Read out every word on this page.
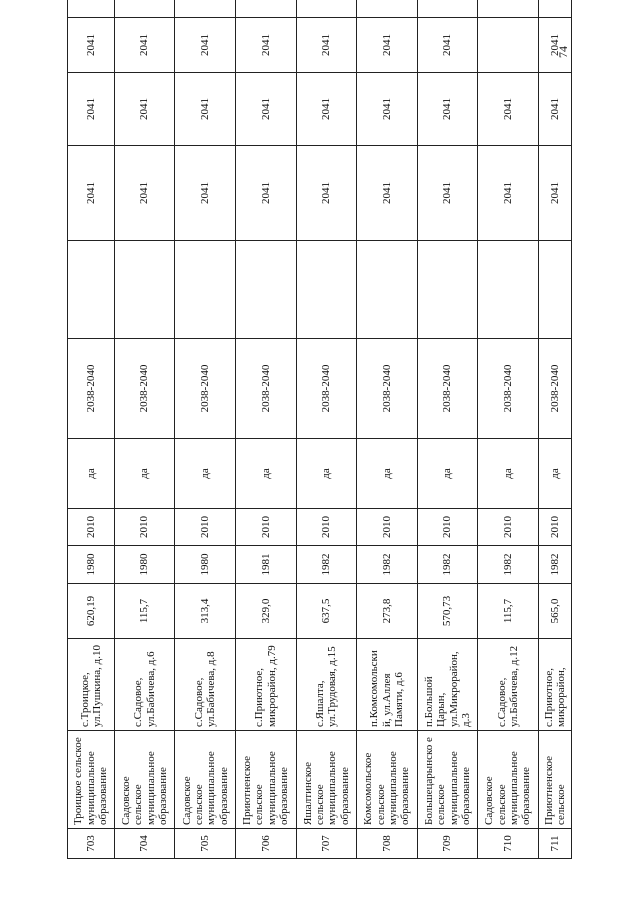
74
703	Троицкое сельское муниципальное образование	с.Троицкое, ул.Пушкина, д.10	620,19	1980	2010	да	2038-2040		2041	2041	2041	
704	Садовское сельское муниципальное образование	с.Садовое, ул.Бабичева, д.6	115,7	1980	2010	да	2038-2040		2041	2041	2041	
705	Садовское сельское муниципальное образование	с.Садовое, ул.Бабичева, д.8	313,4	1980	2010	да	2038-2040		2041	2041	2041	
706	Приютненское сельское муниципальное образование	с.Приютное, микрорайон, д.79	329,0	1981	2010	да	2038-2040		2041	2041	2041	
707	Яшалтинское сельское муниципальное образование	с.Яшалта, ул.Трудовая, д.15	637,5	1982	2010	да	2038-2040		2041	2041	2041	
708	Комсомольское сельское муниципальное образование	п.Комсомольски й, ул.Аллея Памяти, д.6	273,8	1982	2010	да	2038-2040		2041	2041	2041	
709	Большецарынско е сельское муниципальное образование	п.Большой Царын, ул.Микрорайон, д.3	570,73	1982	2010	да	2038-2040		2041	2041	2041	
710	Садовское сельское муниципальное образование	с.Садовое, ул.Бабичева, д.12	115,7	1982	2010	да	2038-2040		2041	2041		
711	Приютненское сельское	с.Приютное, микрорайон,	565,0	1982	2010	да	2038-2040		2041	2041	2041	
